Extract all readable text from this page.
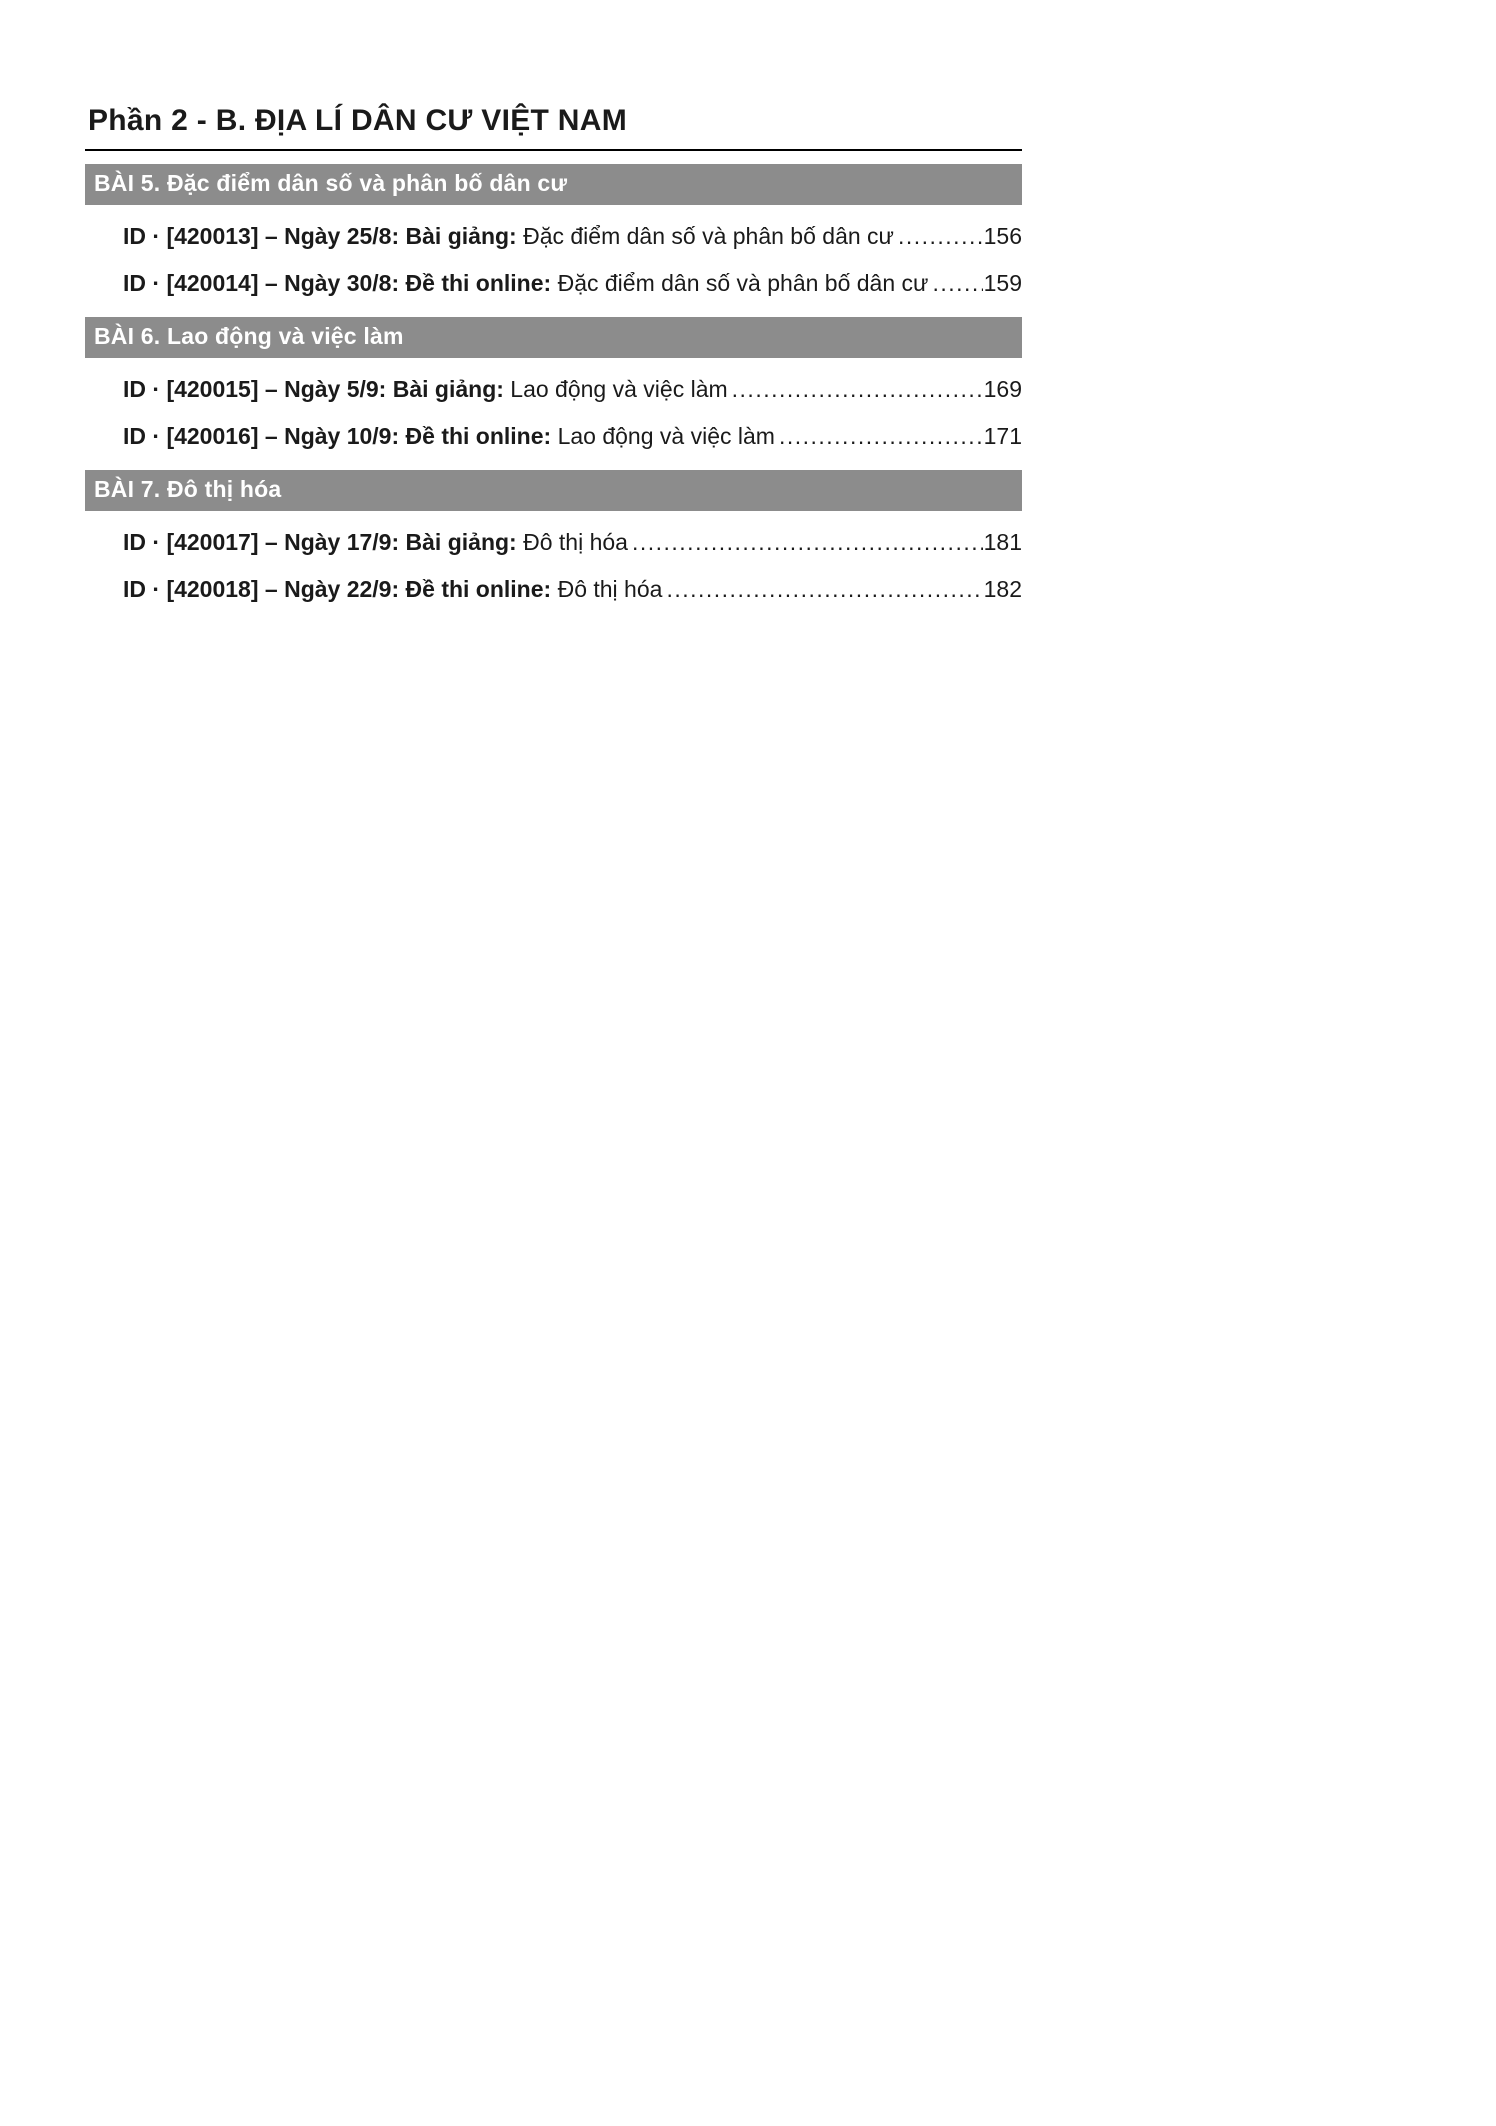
Phần 2 - B. ĐỊA LÍ DÂN CƯ VIỆT NAM
BÀI 5. Đặc điểm dân số và phân bố dân cư
ID · [420013] – Ngày 25/8: Bài giảng: Đặc điểm dân số và phân bố dân cư .....	156
ID · [420014] – Ngày 30/8: Đề thi online: Đặc điểm dân số và phân bố dân cư ..... 159
BÀI 6. Lao động và việc làm
ID · [420015] – Ngày 5/9: Bài giảng: Lao động và việc làm .....	169
ID · [420016] – Ngày 10/9: Đề thi online: Lao động và việc làm .....	171
BÀI 7. Đô thị hóa
ID · [420017] – Ngày 17/9: Bài giảng: Đô thị hóa .....	181
ID · [420018] – Ngày 22/9: Đề thi online: Đô thị hóa .....	182
